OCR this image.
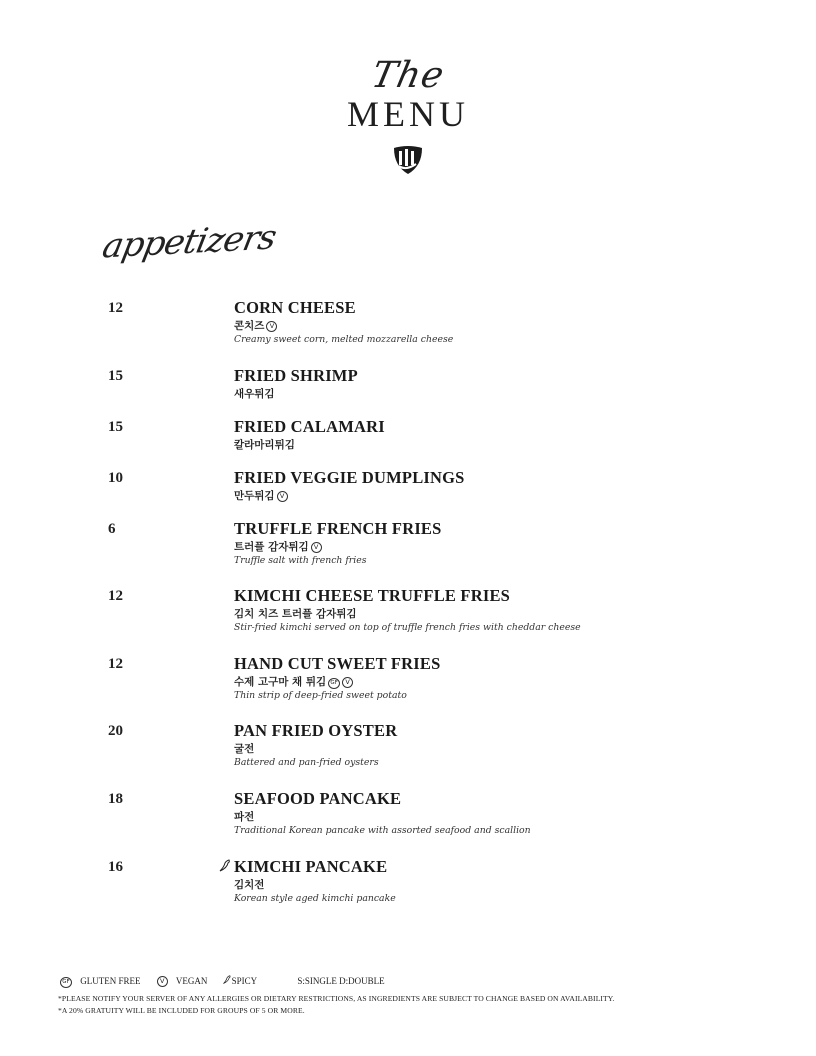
The
MENU
appetizers
12	CORN CHEESE
콘치즈 V
Creamy sweet corn, melted mozzarella cheese
15	FRIED SHRIMP
새우튀김
15	FRIED CALAMARI
칼라마리튀김
10	FRIED VEGGIE DUMPLINGS
만두튀김 V
6	TRUFFLE FRENCH FRIES
트러플 감자튀김 V
Truffle salt with french fries
12	KIMCHI CHEESE TRUFFLE FRIES
김치 치즈 트러플 감자튀김
Stir-fried kimchi served on top of truffle french fries with cheddar cheese
12	HAND CUT SWEET FRIES
수제 고구마 채 튀김 GF V
Thin strip of deep-fried sweet potato
20	PAN FRIED OYSTER
굴전
Battered and pan-fried oysters
18	SEAFOOD PANCAKE
파전
Traditional Korean pancake with assorted seafood and scallion
16	KIMCHI PANCAKE
김치전
Korean style aged kimchi pancake
GF GLUTEN FREE	V VEGAN	SPICY	S:SINGLE D:DOUBLE
*PLEASE NOTIFY YOUR SERVER OF ANY ALLERGIES OR DIETARY RESTRICTIONS, AS INGREDIENTS ARE SUBJECT TO CHANGE BASED ON AVAILABILITY.
*A 20% GRATUITY WILL BE INCLUDED FOR GROUPS OF 5 OR MORE.
